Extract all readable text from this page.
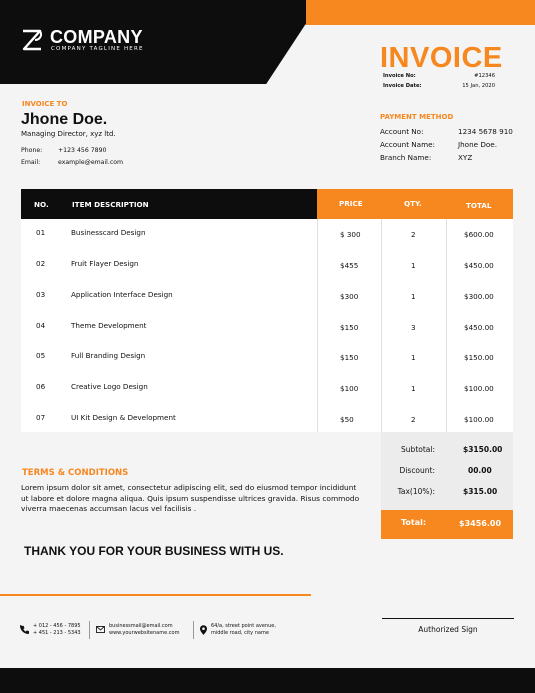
COMPANY
COMPANY TAGLINE HERE	INVOICE
Invoice No:	#12346
Invoice Date:	15 Jan, 2020
INVOICE TO
Jhone Doe.
Managing Director, xyz ltd.
Phone:	+123 456 7890
Email:	example@email.com
PAYMENT METHOD
Account No:	1234 5678 910
Account Name:	Jhone Doe.
Branch Name:	XYZ
NO.	ITEM DESCRIPTION	PRICE	QTY.	TOTAL
01	Businesscard Design	$ 300	2	$600.00
02	Fruit Flayer Design	$455	1	$450.00
03	Application Interface Design	$300	1	$300.00
04	Theme Development	$150	3	$450.00
05	Full Branding Design	$150	1	$150.00
06	Creative Logo Design	$100	1	$100.00
07	UI Kit Design & Development	$50	2	$100.00
Subtotal:	$3150.00
Discount:	00.00
Tax(10%):	$315.00
Total:	$3456.00
TERMS & CONDITIONS
Lorem ipsum dolor sit amet, consectetur adipiscing elit, sed do eiusmod tempor incididunt ut labore et dolore magna aliqua. Quis ipsum suspendisse ultrices gravida. Risus commodo viverra maecenas accumsan lacus vel facilisis .
THANK YOU FOR YOUR BUSINESS WITH US.
+ 012 - 456 - 7895
+ 451 - 213 - 5343
businessmail@email.com
www.yourwebsitename.com
64/a, street point avenue,
middle road, city name	Authorized Sign
